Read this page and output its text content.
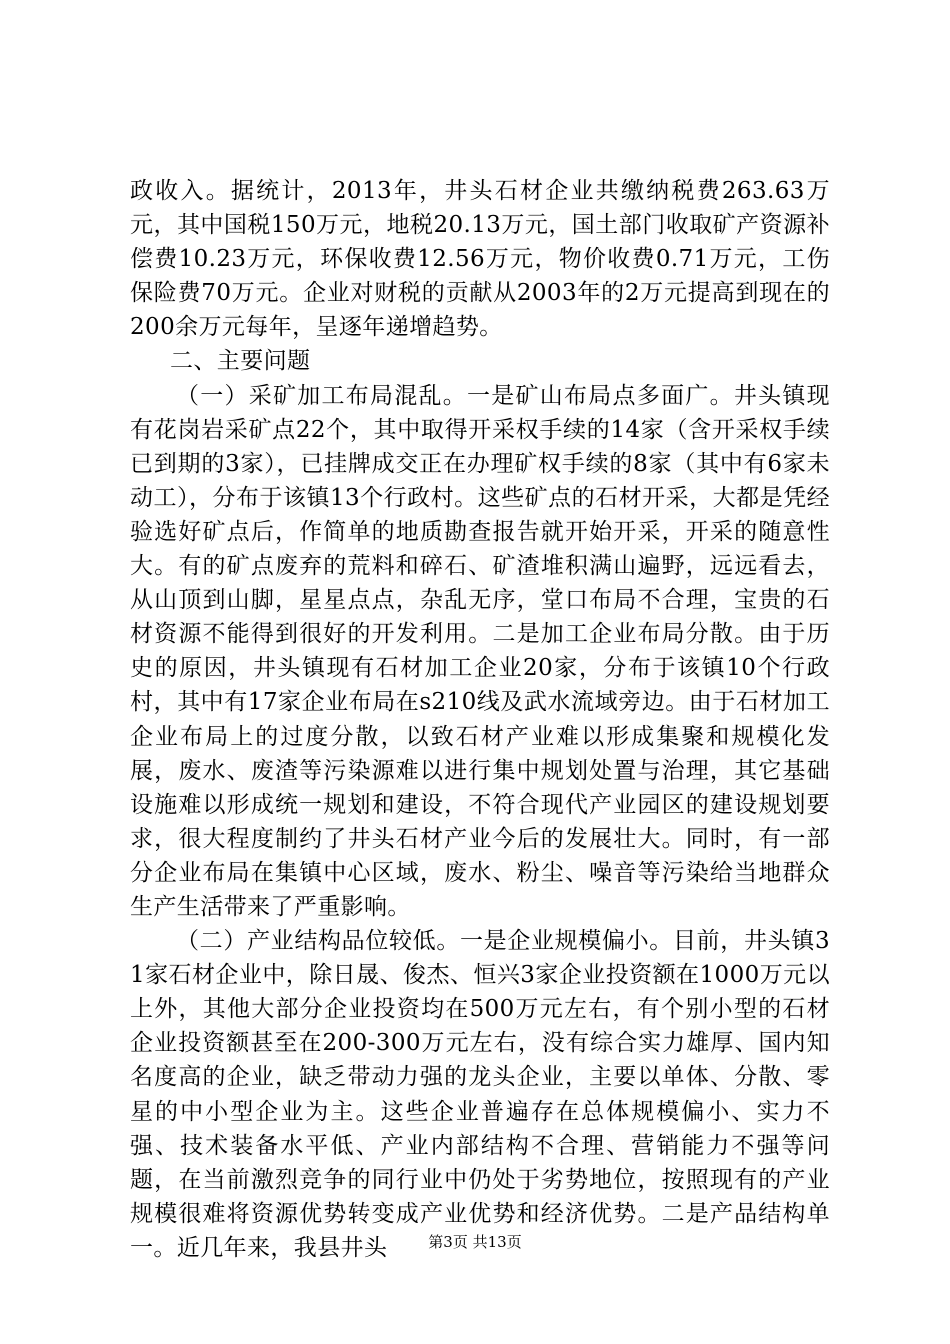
政收入。据统计，2013年，井头石材企业共缴纳税费263.63万元，其中国税150万元，地税20.13万元，国土部门收取矿产资源补偿费10.23万元，环保收费12.56万元，物价收费0.71万元，工伤保险费70万元。企业对财税的贡献从2003年的2万元提高到现在的200余万元每年，呈逐年递增趋势。

二、主要问题

（一）采矿加工布局混乱。一是矿山布局点多面广。井头镇现有花岗岩采矿点22个，其中取得开采权手续的14家（含开采权手续已到期的3家），已挂牌成交正在办理矿权手续的8家（其中有6家未动工），分布于该镇13个行政村。这些矿点的石材开采，大都是凭经验选好矿点后，作简单的地质勘查报告就开始开采，开采的随意性大。有的矿点废弃的荒料和碎石、矿渣堆积满山遍野，远远看去，从山顶到山脚，星星点点，杂乱无序，堂口布局不合理，宝贵的石材资源不能得到很好的开发利用。二是加工企业布局分散。由于历史的原因，井头镇现有石材加工企业20家，分布于该镇10个行政村，其中有17家企业布局在s210线及武水流域旁边。由于石材加工企业布局上的过度分散，以致石材产业难以形成集聚和规模化发展，废水、废渣等污染源难以进行集中规划处置与治理，其它基础设施难以形成统一规划和建设，不符合现代产业园区的建设规划要求，很大程度制约了井头石材产业今后的发展壮大。同时，有一部分企业布局在集镇中心区域，废水、粉尘、噪音等污染给当地群众生产生活带来了严重影响。

（二）产业结构品位较低。一是企业规模偏小。目前，井头镇31家石材企业中，除日晟、俊杰、恒兴3家企业投资额在1000万元以上外，其他大部分企业投资均在500万元左右，有个别小型的石材企业投资额甚至在200-300万元左右，没有综合实力雄厚、国内知名度高的企业，缺乏带动力强的龙头企业，主要以单体、分散、零星的中小型企业为主。这些企业普遍存在总体规模偏小、实力不强、技术装备水平低、产业内部结构不合理、营销能力不强等问题，在当前激烈竞争的同行业中仍处于劣势地位，按照现有的产业规模很难将资源优势转变成产业优势和经济优势。二是产品结构单一。近几年来，我县井头	第3页 共13页
